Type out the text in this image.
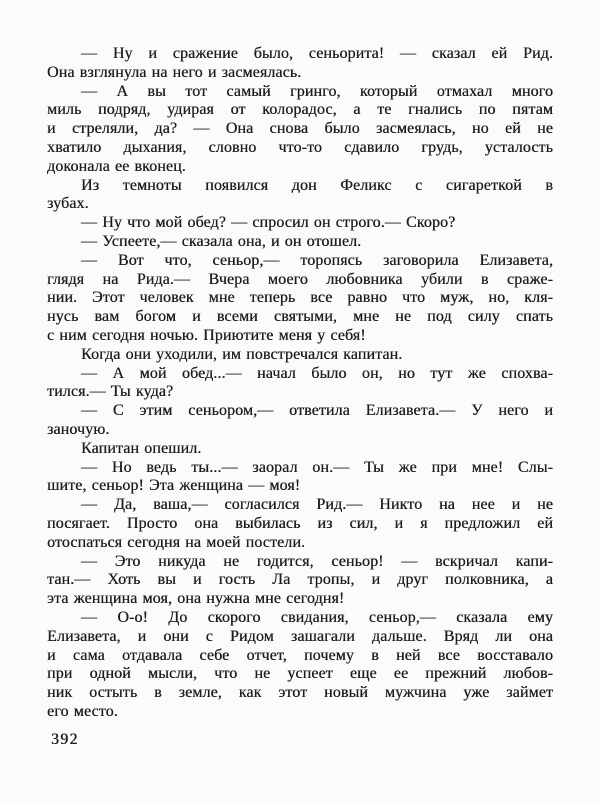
— Ну и сражение было, сеньорита! — сказал ей Рид.
Она взглянула на него и засмеялась.
— А вы тот самый гринго, который отмахал много
миль подряд, удирая от колорадос, а те гнались по пятам
и стреляли, да? — Она снова было засмеялась, но ей не
хватило дыхания, словно что-то сдавило грудь, усталость
доконала ее вконец.
Из темноты появился дон Феликс с сигареткой в
зубах.
— Ну что мой обед? — спросил он строго.— Скоро?
— Успеете,— сказала она, и он отошел.
— Вот что, сеньор,— торопясь заговорила Елизавета,
глядя на Рида.— Вчера моего любовника убили в сраже-
нии. Этот человек мне теперь все равно что муж, но, кля-
нусь вам богом и всеми святыми, мне не под силу спать
с ним сегодня ночью. Приютите меня у себя!
Когда они уходили, им повстречался капитан.
— А мой обед...— начал было он, но тут же спохва-
тился.— Ты куда?
— С этим сеньором,— ответила Елизавета.— У него и
заночую.
Капитан опешил.
— Но ведь ты...— заорал он.— Ты же при мне! Слы-
шите, сеньор! Эта женщина — моя!
— Да, ваша,— согласился Рид.— Никто на нее и не
посягает. Просто она выбилась из сил, и я предложил ей
отоспаться сегодня на моей постели.
— Это никуда не годится, сеньор! — вскричал капи-
тан.— Хоть вы и гость Ла тропы, и друг полковника, а
эта женщина моя, она нужна мне сегодня!
— О-о! До скорого свидания, сеньор,— сказала ему
Елизавета, и они с Ридом зашагали дальше. Вряд ли она
и сама отдавала себе отчет, почему в ней все восставало
при одной мысли, что не успеет еще ее прежний любов-
ник остыть в земле, как этот новый мужчина уже займет
его место.
392
